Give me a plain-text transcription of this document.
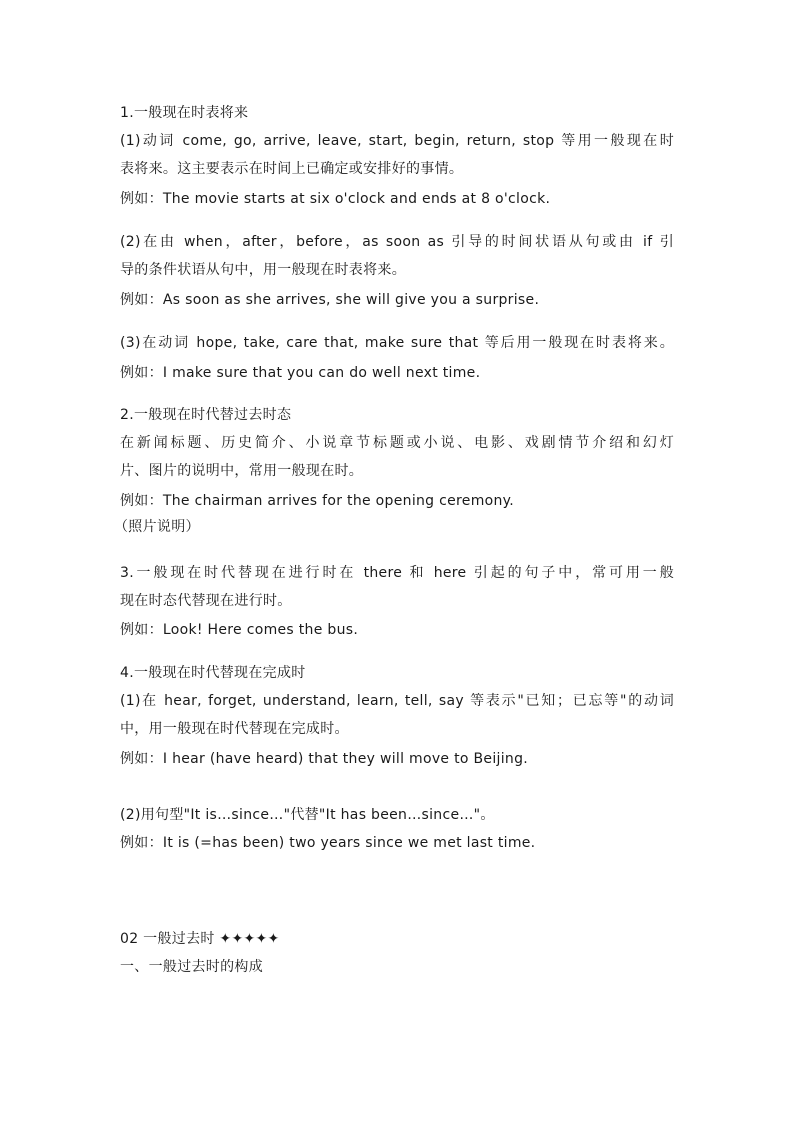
1.一般现在时表将来
(1)动词 come, go, arrive, leave, start, begin, return, stop 等用一般现在时
表将来。这主要表示在时间上已确定或安排好的事情。
例如：The movie starts at six o'clock and ends at 8 o'clock.
(2)在由 when，after，before，as soon as 引导的时间状语从句或由 if 引
导的条件状语从句中，用一般现在时表将来。
例如：As soon as she arrives, she will give you a surprise.
(3)在动词 hope, take, care that, make sure that 等后用一般现在时表将来。
例如：I make sure that you can do well next time.
2.一般现在时代替过去时态
在新闻标题、历史简介、小说章节标题或小说、电影、戏剧情节介绍和幻灯
片、图片的说明中，常用一般现在时。
例如：The chairman arrives for the opening ceremony.
（照片说明）
3.一般现在时代替现在进行时在 there 和 here 引起的句子中，常可用一般
现在时态代替现在进行时。
例如：Look! Here comes the bus.
4.一般现在时代替现在完成时
(1)在 hear, forget, understand, learn, tell, say 等表示"已知；已忘等"的动词
中，用一般现在时代替现在完成时。
例如：I hear (have heard) that they will move to Beijing.
(2)用句型"It is…since…"代替"It has been…since…"。
例如：It is (=has been) two years since we met last time.
02 一般过去时 ✦✦✦✦✦
一、一般过去时的构成
